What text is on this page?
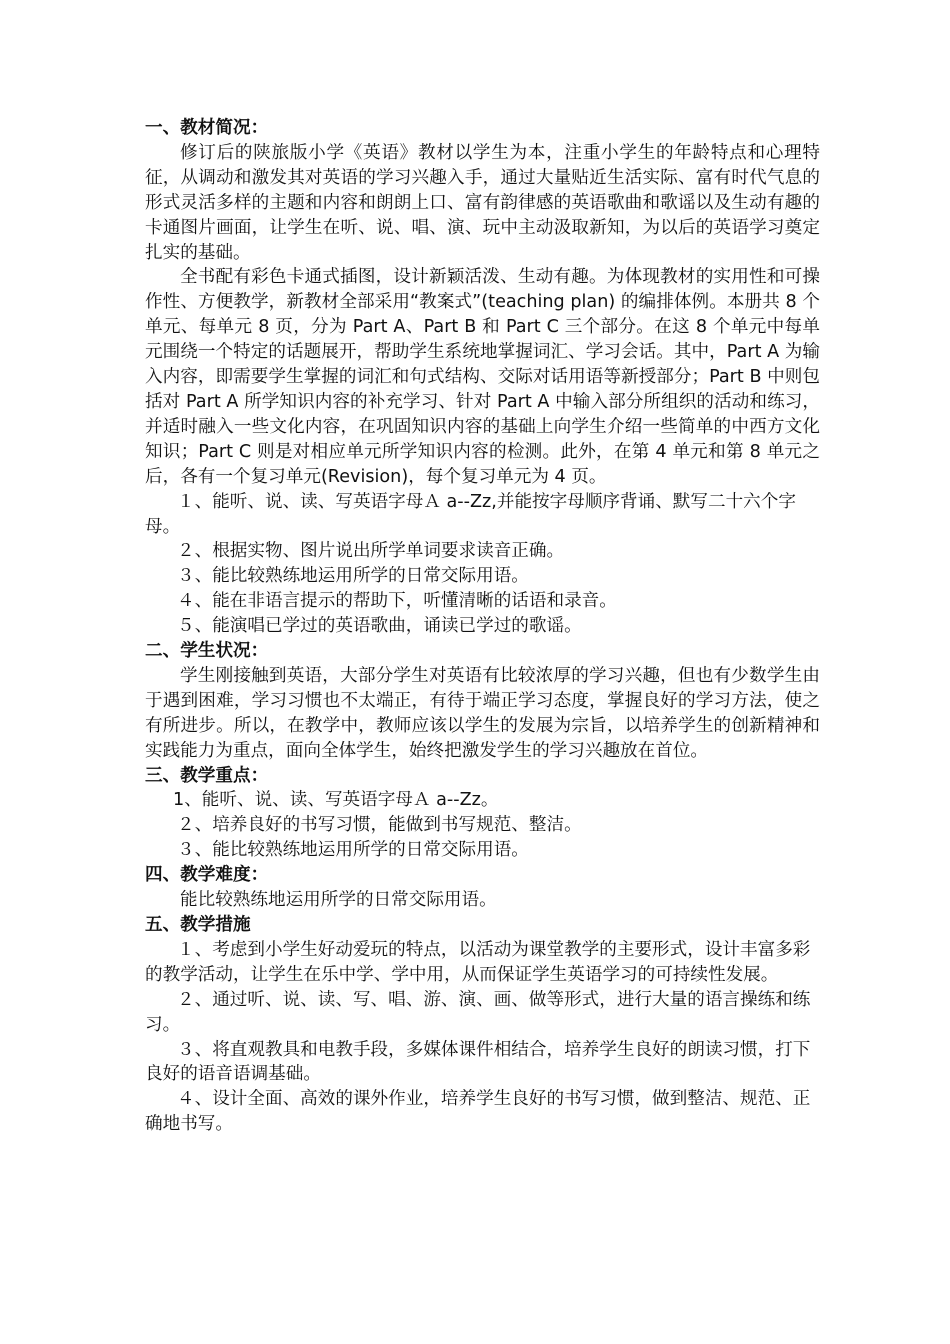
一、教材简况：

修订后的陕旅版小学《英语》教材以学生为本，注重小学生的年龄特点和心理特征，从调动和激发其对英语的学习兴趣入手，通过大量贴近生活实际、富有时代气息的形式灵活多样的主题和内容和朗朗上口、富有韵律感的英语歌曲和歌谣以及生动有趣的卡通图片画面，让学生在听、说、唱、演、玩中主动汲取新知，为以后的英语学习奠定扎实的基础。

全书配有彩色卡通式插图，设计新颖活泼、生动有趣。为体现教材的实用性和可操作性、方便教学，新教材全部采用“教案式”(teaching plan) 的编排体例。本册共 8 个单元、每单元 8 页，分为 Part A、Part B 和 Part C 三个部分。在这 8 个单元中每单元围绕一个特定的话题展开，帮助学生系统地掌握词汇、学习会话。其中，Part A 为输入内容，即需要学生掌握的词汇和句式结构、交际对话用语等新授部分；Part B 中则包括对 Part A 所学知识内容的补充学习、针对 Part A 中输入部分所组织的活动和练习，并适时融入一些文化内容，在巩固知识内容的基础上向学生介绍一些简单的中西方文化知识；Part C 则是对相应单元所学知识内容的检测。此外，在第 4 单元和第 8 单元之后，各有一个复习单元(Revision)，每个复习单元为 4 页。

１、能听、说、读、写英语字母Ａ a--Zz,并能按字母顺序背诵、默写二十六个字母。

２、根据实物、图片说出所学单词要求读音正确。

３、能比较熟练地运用所学的日常交际用语。

４、能在非语言提示的帮助下，听懂清晰的话语和录音。

５、能演唱已学过的英语歌曲，诵读已学过的歌谣。

二、学生状况：

学生刚接触到英语，大部分学生对英语有比较浓厚的学习兴趣，但也有少数学生由于遇到困难，学习习惯也不太端正，有待于端正学习态度，掌握良好的学习方法，使之有所进步。所以，在教学中，教师应该以学生的发展为宗旨，以培养学生的创新精神和实践能力为重点，面向全体学生，始终把激发学生的学习兴趣放在首位。

三、教学重点：

1、能听、说、读、写英语字母Ａ a--Zz。

２、培养良好的书写习惯，能做到书写规范、整洁。

３、能比较熟练地运用所学的日常交际用语。

四、教学难度：

能比较熟练地运用所学的日常交际用语。

五、教学措施

１、考虑到小学生好动爱玩的特点，以活动为课堂教学的主要形式，设计丰富多彩的教学活动，让学生在乐中学、学中用，从而保证学生英语学习的可持续性发展。

２、通过听、说、读、写、唱、游、演、画、做等形式，进行大量的语言操练和练习。

３、将直观教具和电教手段，多媒体课件相结合，培养学生良好的朗读习惯，打下良好的语音语调基础。

４、设计全面、高效的课外作业，培养学生良好的书写习惯，做到整洁、规范、正确地书写。
